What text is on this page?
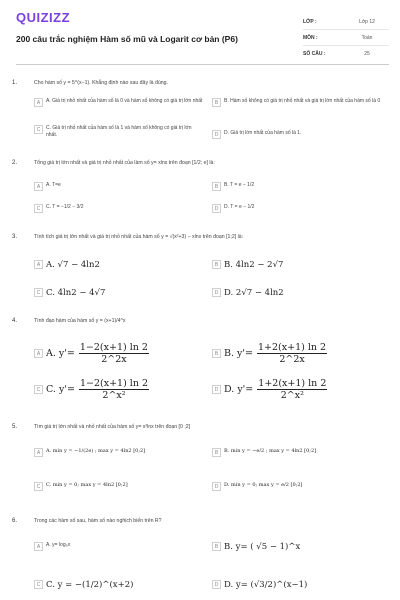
QUIZIZZ
200 câu trắc nghiệm Hàm số mũ và Logarit cơ bản (P6)
LỚP :	Lớp 12
MÔN :	Toán
SỐ CÂU :	25
1.	Cho hàm số y = 5^(x−1). Khẳng định nào sau đây là đúng.
A	A. Giá trị nhỏ nhất của hàm số là 0 và hàm số không có giá trị lớn nhất	B	B. Hàm số không có giá trị nhỏ nhất và giá trị lớn nhất của hàm số là 0
C	C. Giá trị nhỏ nhất của hàm số là 1 và hàm số không có giá trị lớn nhất.	D	D. Giá trị lớn nhất của hàm số là 1.
2.	Tổng giá trị lớn nhất và giá trị nhỏ nhất của làm số y= xlnx trên đoạn [1/2; e] là:
A	A. T=e	B	B. T = e − 1/2
C	C. T = −1/2 − 3/2	D	D. T = e − 1/2
3.	Tính tích giá trị lớn nhất và giá trị nhỏ nhất của hàm số y = √(x²+3) − xlnx trên đoạn [1;2] là:
A A. √7 − 4ln2	B B. 4ln2 − 2√7
C C. 4ln2 − 4√7	D D. 2√7 − 4ln2
4.	Tính đạo hàm của hàm số y = (x+1)/4^x
A A. $y'= \frac{1-2(x+1) \ln 2}{2\^{}2x}$	B B. $y'= \frac{1+2(x+1) \ln 2}{2\^{}2x}$
C C. $y'= \frac{1-2(x+1) \ln 2}{\text{2\textasciicircum{}x²}}$	D D. $y'= \frac{1+2(x+1) \ln 2}{\text{2\textasciicircum{}x²}}$
5.	Tìm giá trị lớn nhất và nhỏ nhất của hàm số y= x²lnx trên đoạn [0 ;2]
A	A. min y = −1/(2e) ; max y = 4ln2 [0;2]	B	B. min y = −e/2 ; max y = 4ln2 [0;2]
C	C. min y = 0; max y = 4ln2 [0;2]	D	D. min y = 0; max y = e/2 [0;2]
6.	Trong các hàm số sau, hàm số nào nghịch biến trên R?
A	A. y= log₅x	B B. y= ( √5 − 1)^x
C C. y = −(1/2)^(x+2)	D D. y= (√3/2)^(x−1)
